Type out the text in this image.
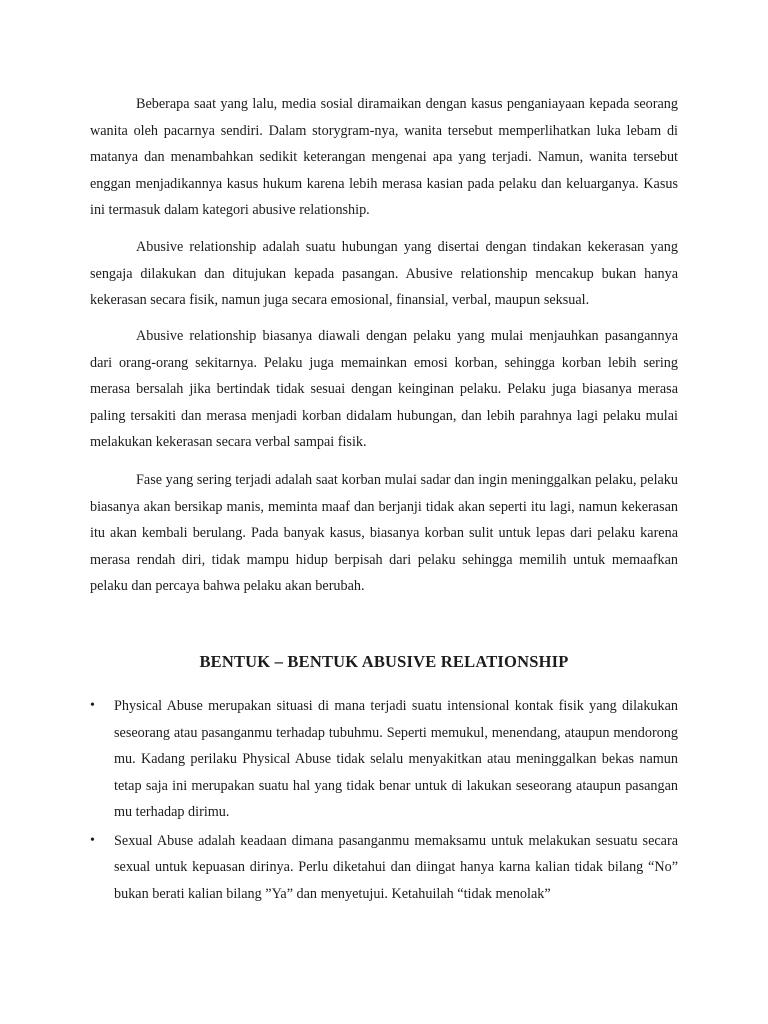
Beberapa saat yang lalu, media sosial diramaikan dengan kasus penganiayaan kepada seorang wanita oleh pacarnya sendiri. Dalam storygram-nya, wanita tersebut memperlihatkan luka lebam di matanya dan menambahkan sedikit keterangan mengenai apa yang terjadi. Namun, wanita tersebut enggan menjadikannya kasus hukum karena lebih merasa kasian pada pelaku dan keluarganya. Kasus ini termasuk dalam kategori abusive relationship.

Abusive relationship adalah suatu hubungan yang disertai dengan tindakan kekerasan yang sengaja dilakukan dan ditujukan kepada pasangan. Abusive relationship mencakup bukan hanya kekerasan secara fisik, namun juga secara emosional, finansial, verbal, maupun seksual.

Abusive relationship biasanya diawali dengan pelaku yang mulai menjauhkan pasangannya dari orang-orang sekitarnya. Pelaku juga memainkan emosi korban, sehingga korban lebih sering merasa bersalah jika bertindak tidak sesuai dengan keinginan pelaku. Pelaku juga biasanya merasa paling tersakiti dan merasa menjadi korban didalam hubungan, dan lebih parahnya lagi pelaku mulai melakukan kekerasan secara verbal sampai fisik.

Fase yang sering terjadi adalah saat korban mulai sadar dan ingin meninggalkan pelaku, pelaku biasanya akan bersikap manis, meminta maaf dan berjanji tidak akan seperti itu lagi, namun kekerasan itu akan kembali berulang. Pada banyak kasus, biasanya korban sulit untuk lepas dari pelaku karena merasa rendah diri, tidak mampu hidup berpisah dari pelaku sehingga memilih untuk memaafkan pelaku dan percaya bahwa pelaku akan berubah.

BENTUK – BENTUK ABUSIVE RELATIONSHIP
• Physical Abuse merupakan situasi di mana terjadi suatu intensional kontak fisik yang dilakukan seseorang atau pasanganmu terhadap tubuhmu. Seperti memukul, menendang, ataupun mendorong mu. Kadang perilaku Physical Abuse tidak selalu menyakitkan atau meninggalkan bekas namun tetap saja ini merupakan suatu hal yang tidak benar untuk di lakukan seseorang ataupun pasangan mu terhadap dirimu.
• Sexual Abuse adalah keadaan dimana pasanganmu memaksamu untuk melakukan sesuatu secara sexual untuk kepuasan dirinya. Perlu diketahui dan diingat hanya karna kalian tidak bilang “No” bukan berati kalian bilang ”Ya” dan menyetujui. Ketahuilah “tidak menolak”
